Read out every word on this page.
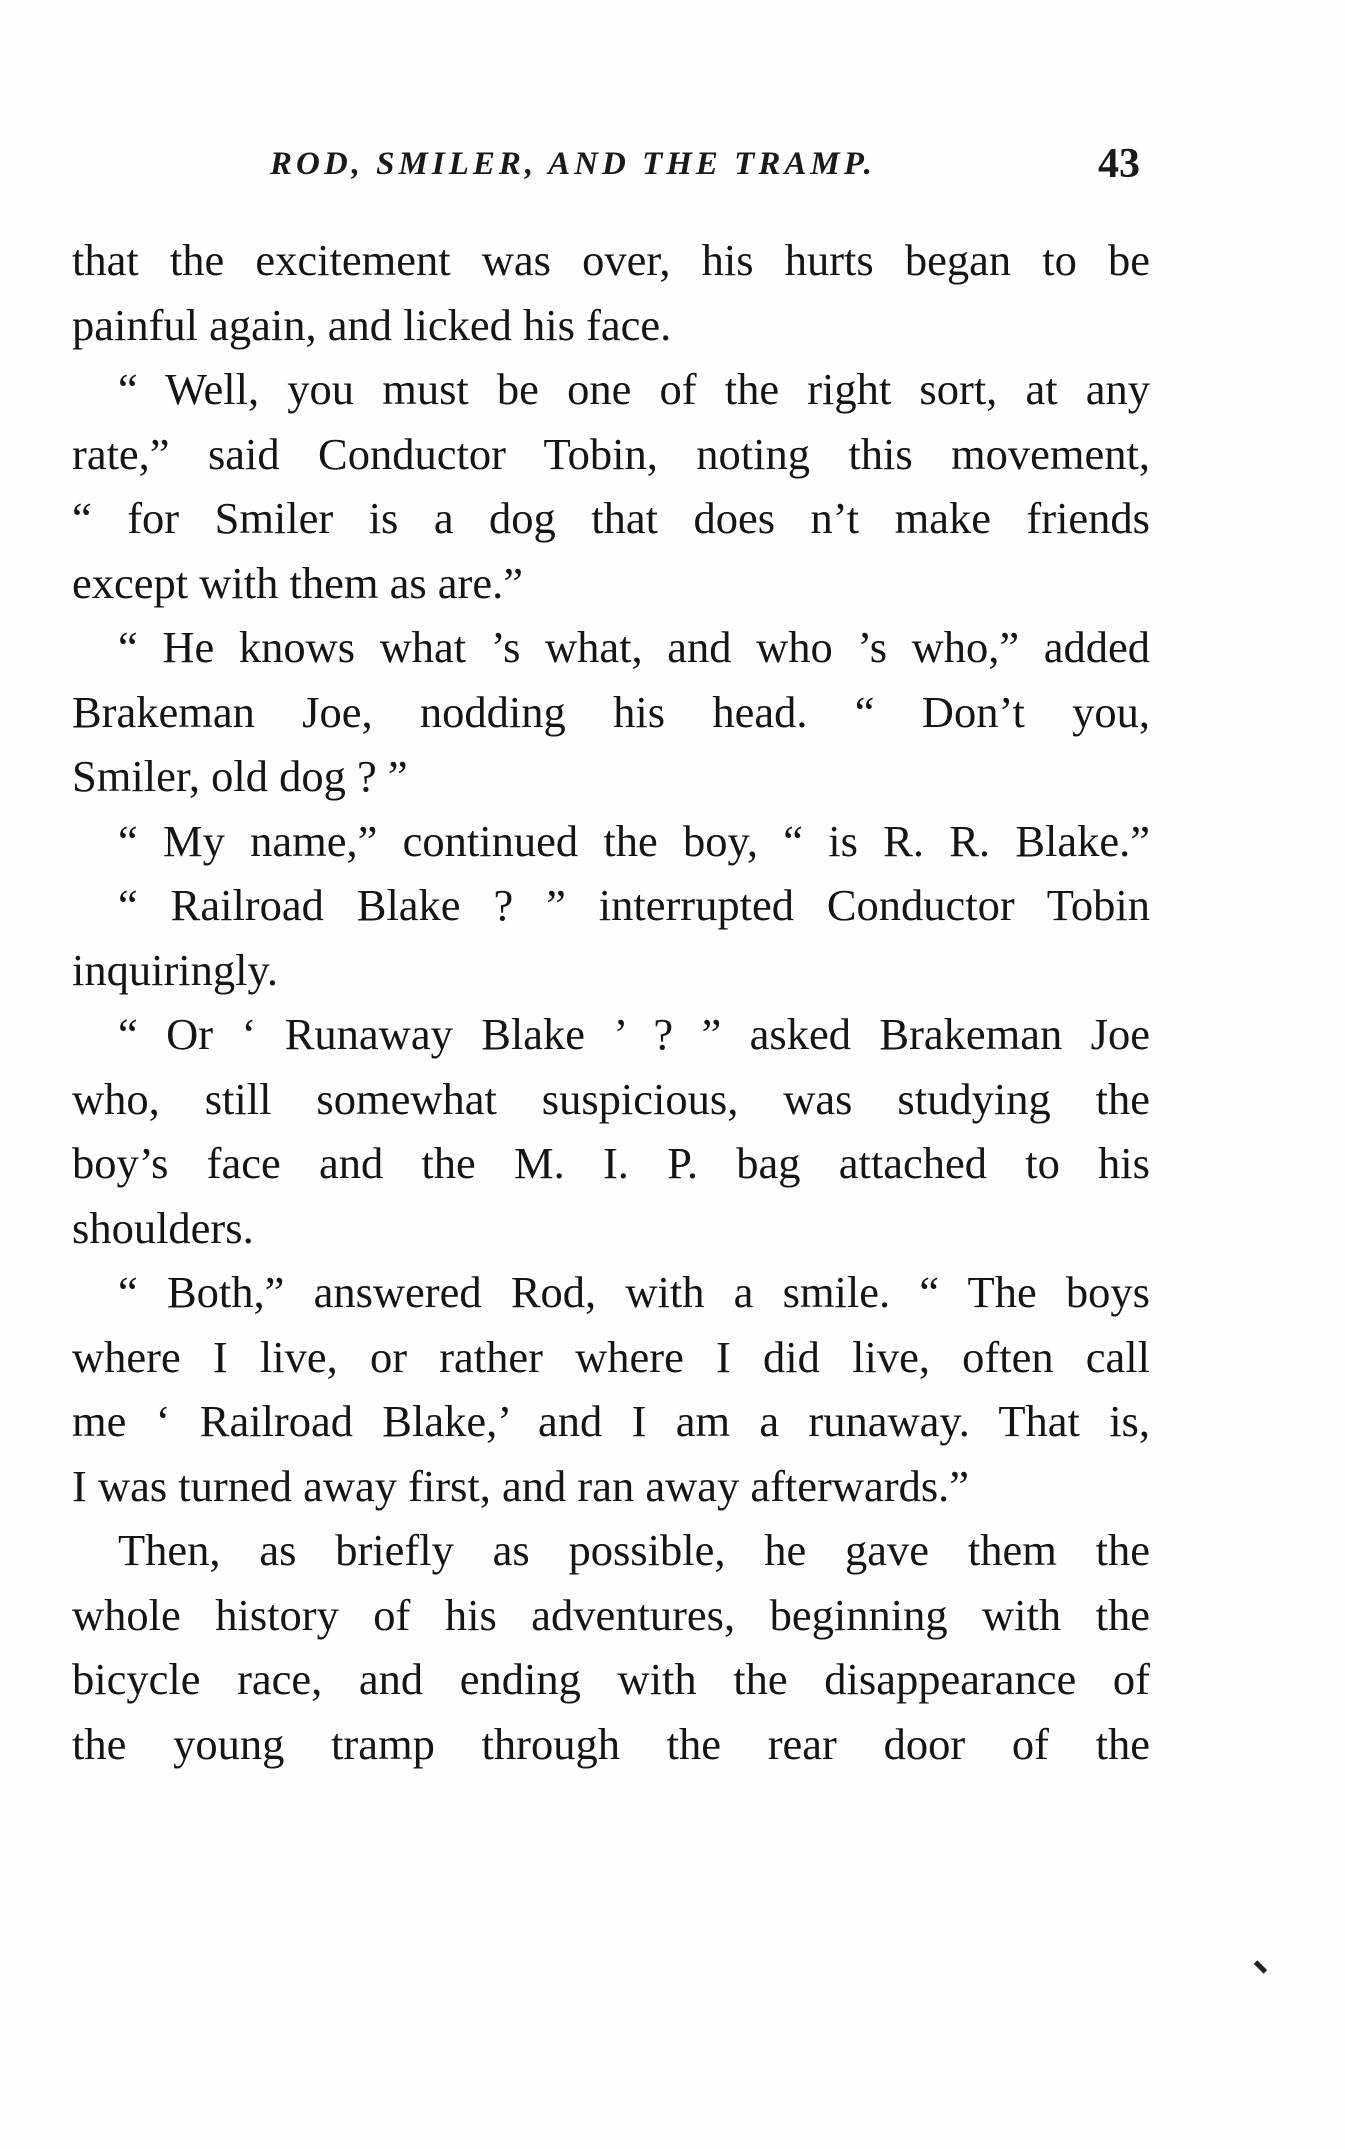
ROD, SMILER, AND THE TRAMP.	43
that the excitement was over, his hurts began to be
painful again, and licked his face.
“ Well, you must be one of the right sort, at any
rate,” said Conductor Tobin, noting this movement,
“ for Smiler is a dog that does n’t make friends
except with them as are.”
“ He knows what ’s what, and who ’s who,” added
Brakeman Joe, nodding his head. “ Don’t you,
Smiler, old dog ? ”
“ My name,” continued the boy, “ is R. R. Blake.”
“ Railroad Blake ? ” interrupted Conductor Tobin
inquiringly.
“ Or ‘ Runaway Blake ’ ? ” asked Brakeman Joe
who, still somewhat suspicious, was studying the
boy’s face and the M. I. P. bag attached to his
shoulders.
“ Both,” answered Rod, with a smile. “ The boys
where I live, or rather where I did live, often call
me ‘ Railroad Blake,’ and I am a runaway. That is,
I was turned away first, and ran away afterwards.”
Then, as briefly as possible, he gave them the
whole history of his adventures, beginning with the
bicycle race, and ending with the disappearance of
the young tramp through the rear door of the
